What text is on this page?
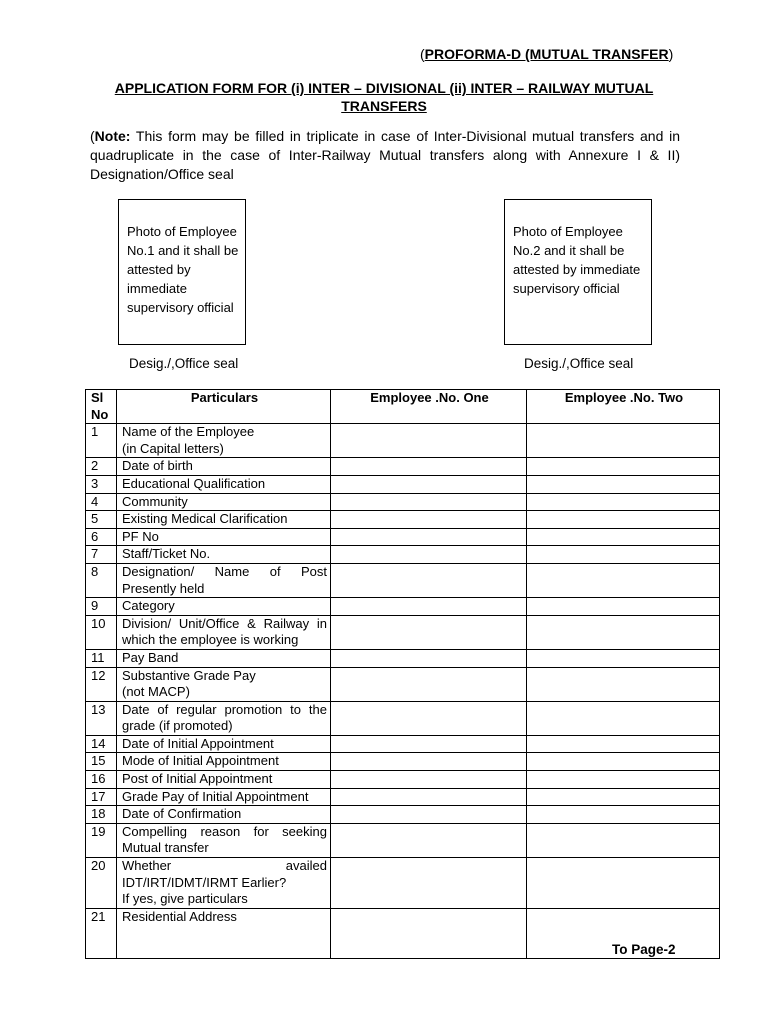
(PROFORMA-D (MUTUAL TRANSFER)
APPLICATION FORM FOR (i) INTER – DIVISIONAL (ii) INTER – RAILWAY MUTUAL TRANSFERS
(Note: This form may be filled in triplicate in case of Inter-Divisional mutual transfers and in quadruplicate in the case of Inter-Railway Mutual transfers along with Annexure I & II) Designation/Office seal
Photo of Employee No.1 and it shall be attested by immediate supervisory official
Photo of Employee No.2 and it shall be attested by immediate supervisory official
Desig./,Office seal	Desig./,Office seal
Sl No	Particulars	Employee .No. One	Employee .No. Two
1	Name of the Employee
(in Capital letters)		

2	Date of birth		

3	Educational Qualification		

4	Community		

5	Existing Medical Clarification		

6	PF No		

7	Staff/Ticket No.		

8	Designation/ Name of Post Presently held		

9	Category		

10	Division/ Unit/Office & Railway in which the employee is working		

11	Pay Band		

12	Substantive Grade Pay
(not MACP)		

13	Date of regular promotion to the grade (if promoted)		

14	Date of Initial Appointment		

15	Mode of Initial Appointment		

16	Post of Initial Appointment		

17	Grade Pay of Initial Appointment		

18	Date of Confirmation		

19	Compelling reason for seeking Mutual transfer		

20	Whether availed IDT/IRT/IDMT/IRMT Earlier?
If yes, give particulars		

21	Residential Address		

To Page-2
